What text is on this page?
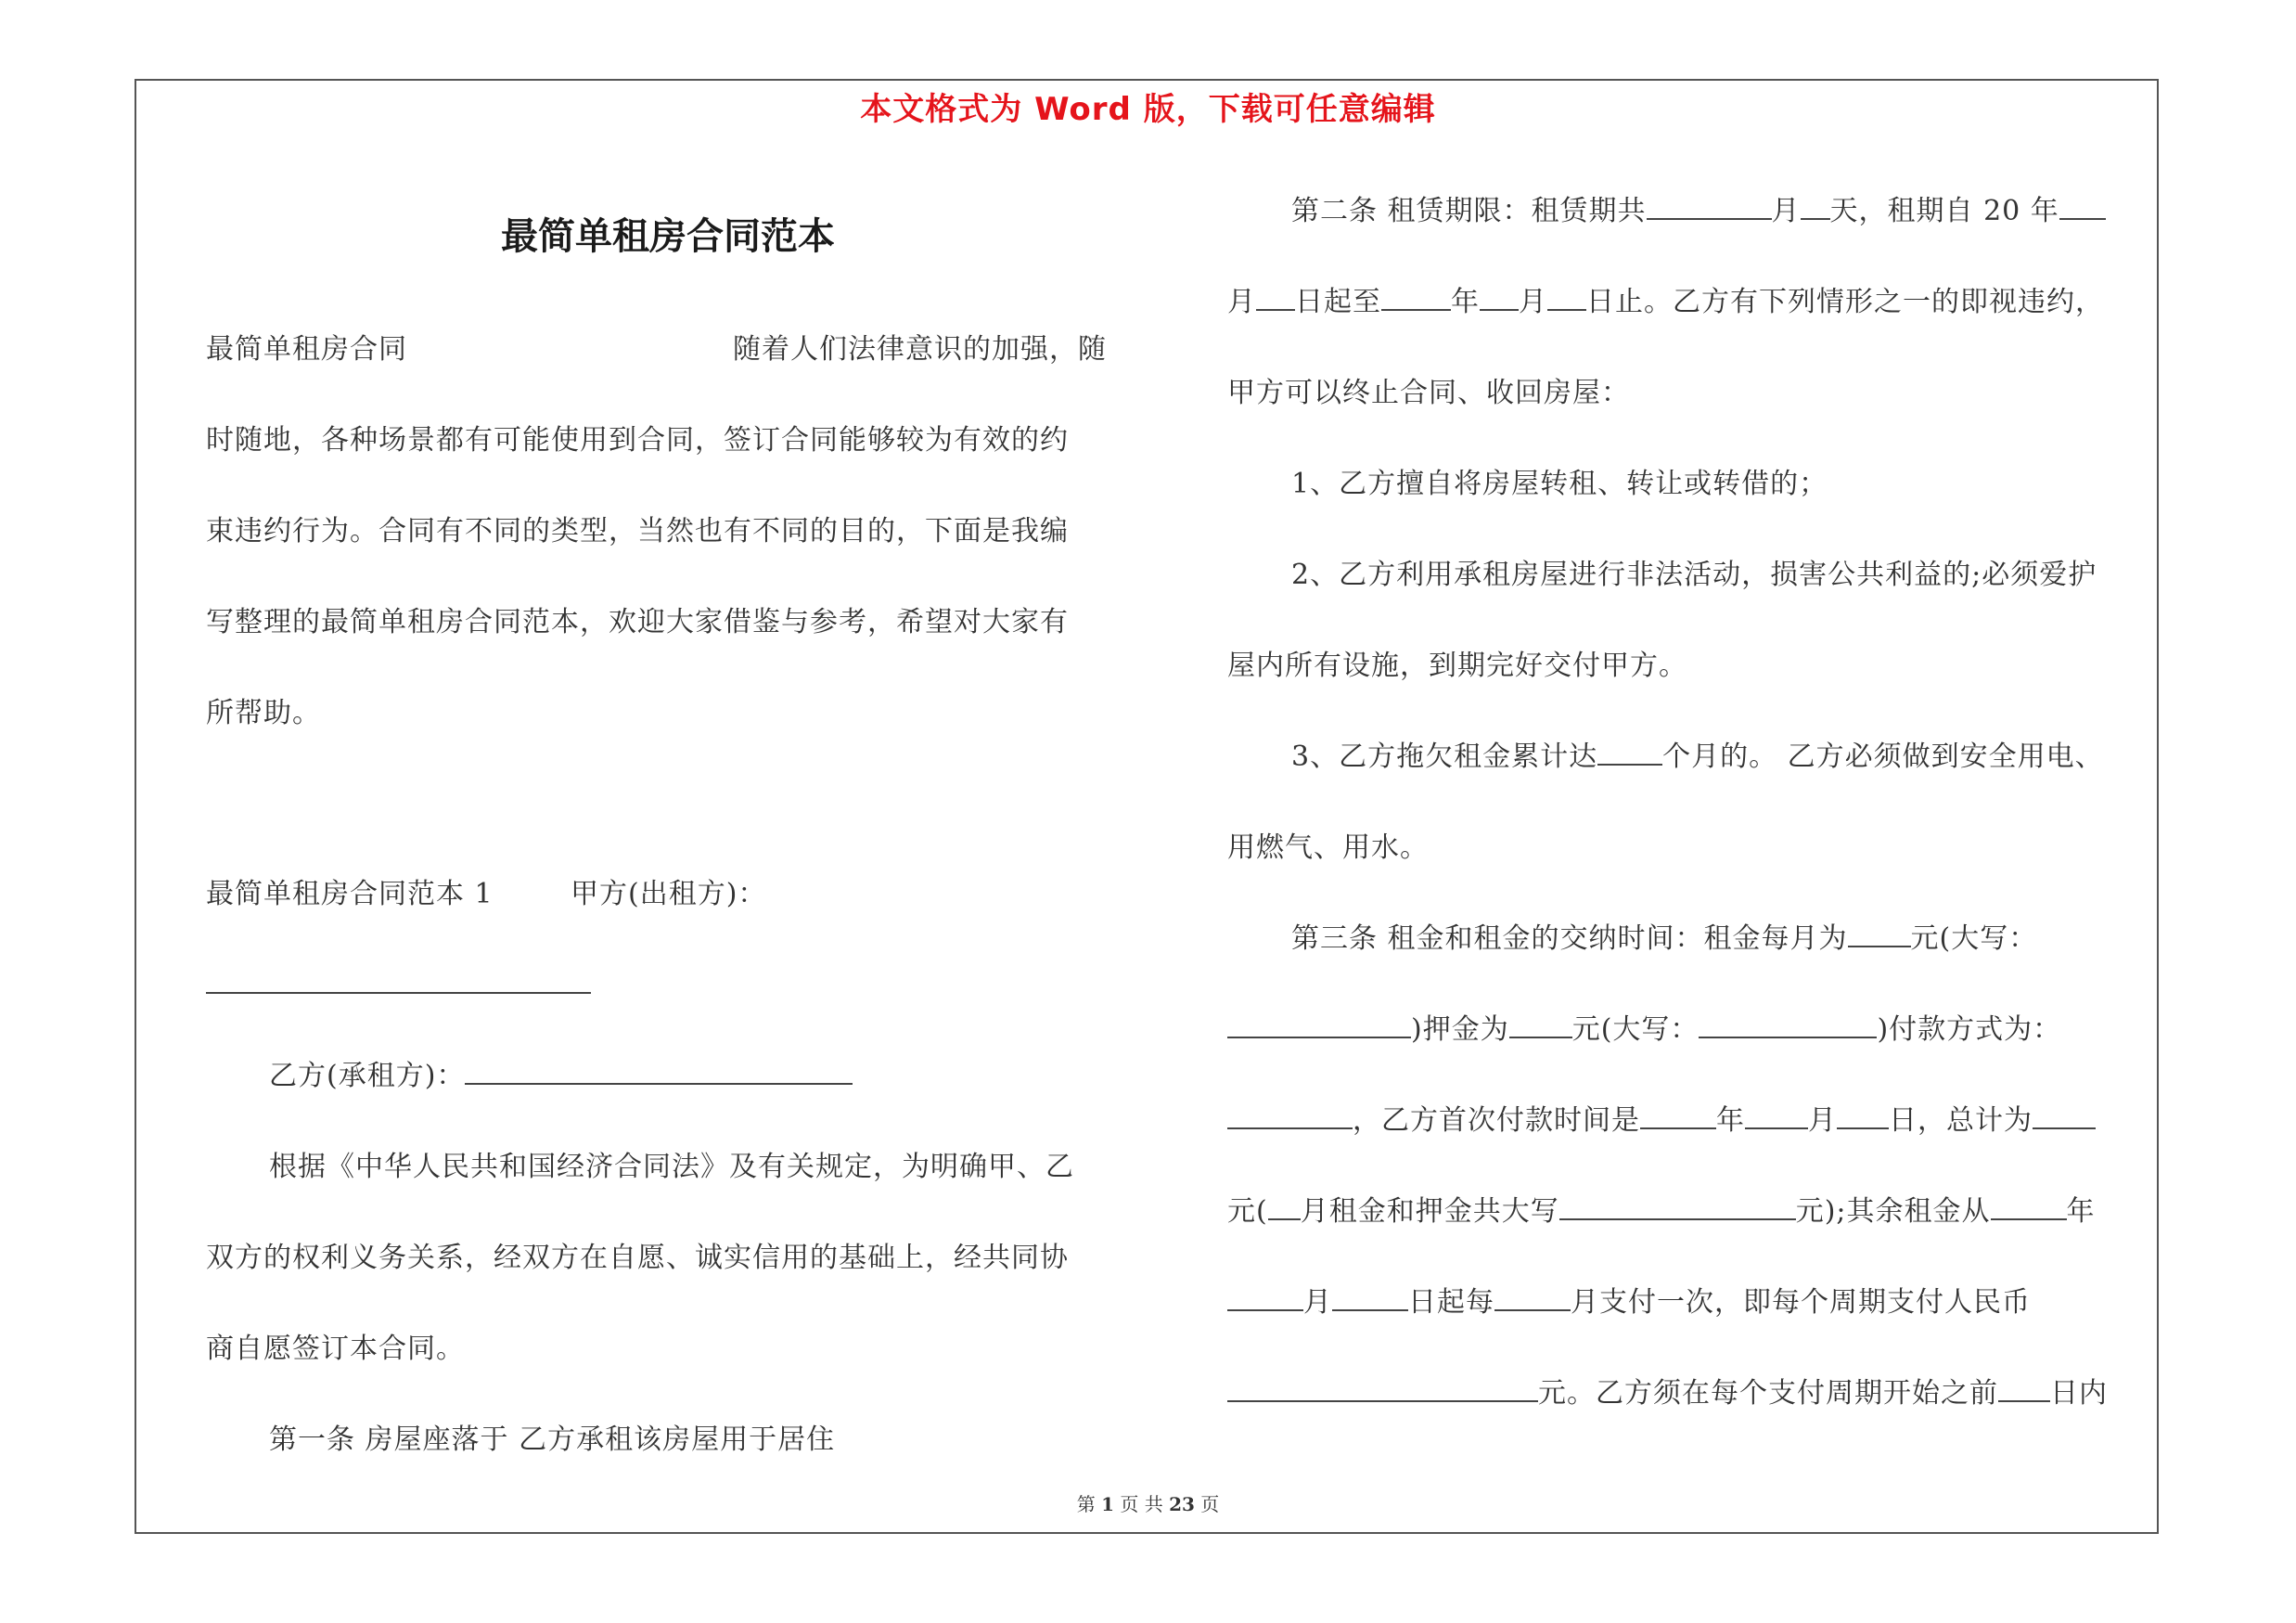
本文格式为 Word 版，下载可任意编辑
最简单租房合同范本
最简单租房合同	随着人们法律意识的加强，随
时随地，各种场景都有可能使用到合同，签订合同能够较为有效的约
束违约行为。合同有不同的类型，当然也有不同的目的，下面是我编
写整理的最简单租房合同范本，欢迎大家借鉴与参考，希望对大家有
所帮助。
最简单租房合同范本 1	甲方(出租方)：
乙方(承租方)：
根据《中华人民共和国经济合同法》及有关规定，为明确甲、乙
双方的权利义务关系，经双方在自愿、诚实信用的基础上，经共同协
商自愿签订本合同。
第一条 房屋座落于 乙方承租该房屋用于居住
第二条 租赁期限：租赁期共	月 天，租期自 20 年
月 日起至	年 月 日止。乙方有下列情形之一的即视违约，
甲方可以终止合同、收回房屋：
1、乙方擅自将房屋转租、转让或转借的；
2、乙方利用承租房屋进行非法活动，损害公共利益的;必须爱护
屋内所有设施，到期完好交付甲方。
3、乙方拖欠租金累计达 个月的。 乙方必须做到安全用电、
用燃气、用水。
第三条 租金和租金的交纳时间：租金每月为 元(大写：
)押金为 元(大写：	)付款方式为：
，乙方首次付款时间是	年 月 日，总计为
元( 月租金和押金共大写	元);其余租金从	年
月	日起每	月支付一次，即每个周期支付人民币
元。乙方须在每个支付周期开始之前 日内
第 1 页 共 23 页
